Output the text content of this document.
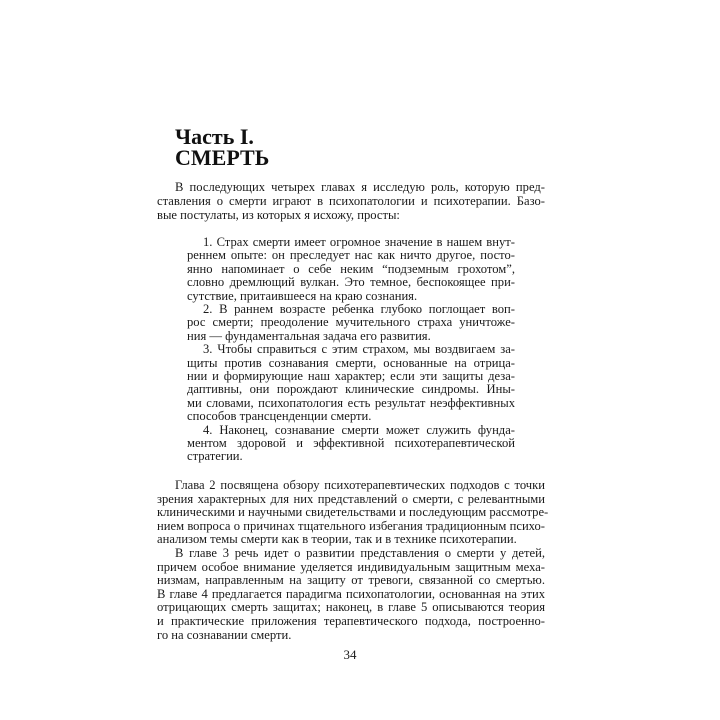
Часть I.
СМЕРТЬ
В последующих четырех главах я исследую роль, которую пред-
ставления о смерти играют в психопатологии и психотерапии. Базо-
вые постулаты, из которых я исхожу, просты:
1. Страх смерти имеет огромное значение в нашем внут-
реннем опыте: он преследует нас как ничто другое, посто-
янно напоминает о себе неким “подземным грохотом”,
словно дремлющий вулкан. Это темное, беспокоящее при-
сутствие, притаившееся на краю сознания.
2. В раннем возрасте ребенка глубоко поглощает воп-
рос смерти; преодоление мучительного страха уничтоже-
ния — фундаментальная задача его развития.
3. Чтобы справиться с этим страхом, мы воздвигаем за-
щиты против сознавания смерти, основанные на отрица-
нии и формирующие наш характер; если эти защиты деза-
даптивны, они порождают клинические синдромы. Ины-
ми словами, психопатология есть результат неэффективных
способов трансценденции смерти.
4. Наконец, сознавание смерти может служить фунда-
ментом здоровой и эффективной психотерапевтической
стратегии.
Глава 2 посвящена обзору психотерапевтических подходов с точки
зрения характерных для них представлений о смерти, с релевантными
клиническими и научными свидетельствами и последующим рассмотре-
нием вопроса о причинах тщательного избегания традиционным психо-
анализом темы смерти как в теории, так и в технике психотерапии.
В главе 3 речь идет о развитии представления о смерти у детей,
причем особое внимание уделяется индивидуальным защитным меха-
низмам, направленным на защиту от тревоги, связанной со смертью.
В главе 4 предлагается парадигма психопатологии, основанная на этих
отрицающих смерть защитах; наконец, в главе 5 описываются теория
и практические приложения терапевтического подхода, построенно-
го на сознавании смерти.
34
